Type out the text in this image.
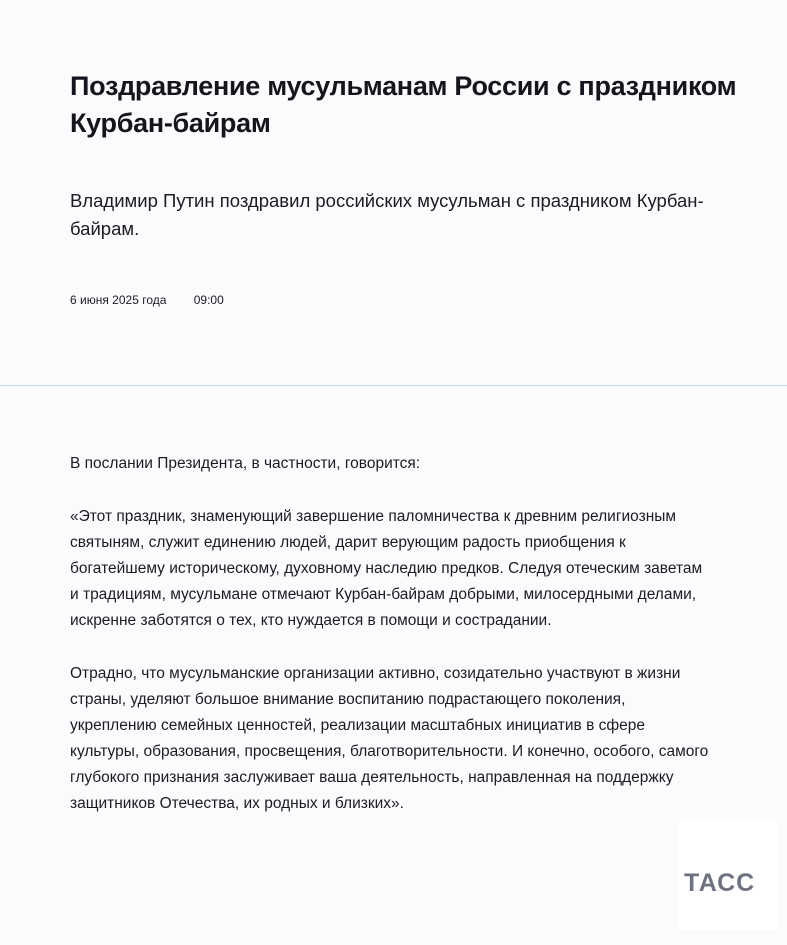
Поздравление мусульманам России с праздником Курбан-байрам

Владимир Путин поздравил российских мусульман с праздником Курбан-байрам.

6 июня 2025 года 09:00

В послании Президента, в частности, говорится:

«Этот праздник, знаменующий завершение паломничества к древним религиозным святыням, служит единению людей, дарит верующим радость приобщения к богатейшему историческому, духовному наследию предков. Следуя отеческим заветам и традициям, мусульмане отмечают Курбан-байрам добрыми, милосердными делами, искренне заботятся о тех, кто нуждается в помощи и сострадании.

Отрадно, что мусульманские организации активно, созидательно участвуют в жизни страны, уделяют большое внимание воспитанию подрастающего поколения, укреплению семейных ценностей, реализации масштабных инициатив в сфере культуры, образования, просвещения, благотворительности. И конечно, особого, самого глубокого признания заслуживает ваша деятельность, направленная на поддержку защитников Отечества, их родных и близких».

ТАСС
